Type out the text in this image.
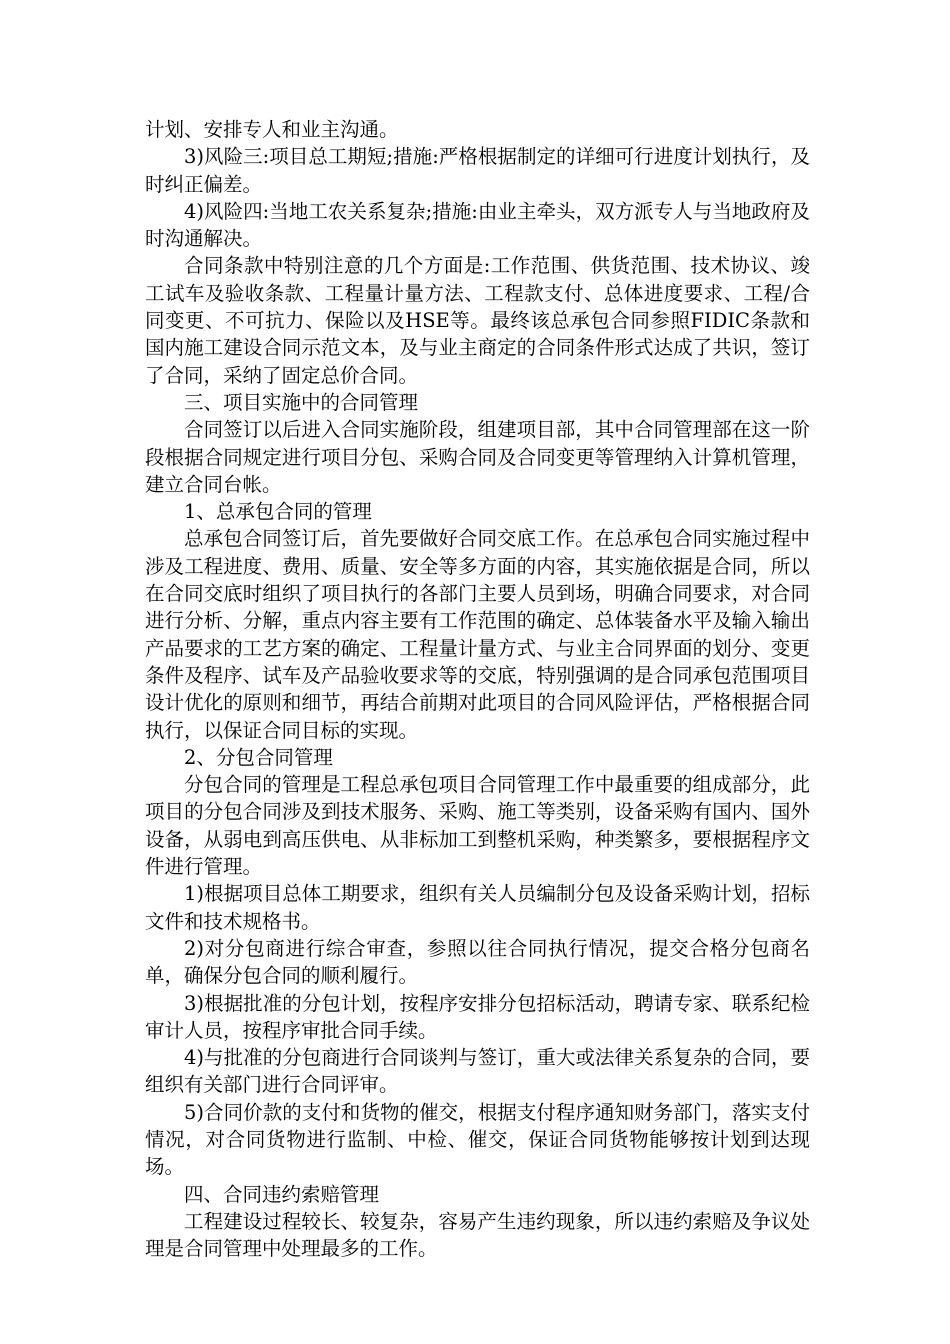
计划、安排专人和业主沟通。

3)风险三:项目总工期短;措施:严格根据制定的详细可行进度计划执行，及时纠正偏差。

4)风险四:当地工农关系复杂;措施:由业主牵头，双方派专人与当地政府及时沟通解决。

合同条款中特别注意的几个方面是:工作范围、供货范围、技术协议、竣工试车及验收条款、工程量计量方法、工程款支付、总体进度要求、工程/合同变更、不可抗力、保险以及HSE等。最终该总承包合同参照FIDIC条款和国内施工建设合同示范文本，及与业主商定的合同条件形式达成了共识，签订了合同，采纳了固定总价合同。

三、项目实施中的合同管理

合同签订以后进入合同实施阶段，组建项目部，其中合同管理部在这一阶段根据合同规定进行项目分包、采购合同及合同变更等管理纳入计算机管理，建立合同台帐。

1、总承包合同的管理

总承包合同签订后，首先要做好合同交底工作。在总承包合同实施过程中涉及工程进度、费用、质量、安全等多方面的内容，其实施依据是合同，所以在合同交底时组织了项目执行的各部门主要人员到场，明确合同要求，对合同进行分析、分解，重点内容主要有工作范围的确定、总体装备水平及输入输出产品要求的工艺方案的确定、工程量计量方式、与业主合同界面的划分、变更条件及程序、试车及产品验收要求等的交底，特别强调的是合同承包范围项目设计优化的原则和细节，再结合前期对此项目的合同风险评估，严格根据合同执行，以保证合同目标的实现。

2、分包合同管理

分包合同的管理是工程总承包项目合同管理工作中最重要的组成部分，此项目的分包合同涉及到技术服务、采购、施工等类别，设备采购有国内、国外设备，从弱电到高压供电、从非标加工到整机采购，种类繁多，要根据程序文件进行管理。

1)根据项目总体工期要求，组织有关人员编制分包及设备采购计划，招标文件和技术规格书。

2)对分包商进行综合审查，参照以往合同执行情况，提交合格分包商名单，确保分包合同的顺利履行。

3)根据批准的分包计划，按程序安排分包招标活动，聘请专家、联系纪检审计人员，按程序审批合同手续。

4)与批准的分包商进行合同谈判与签订，重大或法律关系复杂的合同，要组织有关部门进行合同评审。

5)合同价款的支付和货物的催交，根据支付程序通知财务部门，落实支付情况，对合同货物进行监制、中检、催交，保证合同货物能够按计划到达现场。

四、合同违约索赔管理

工程建设过程较长、较复杂，容易产生违约现象，所以违约索赔及争议处理是合同管理中处理最多的工作。
